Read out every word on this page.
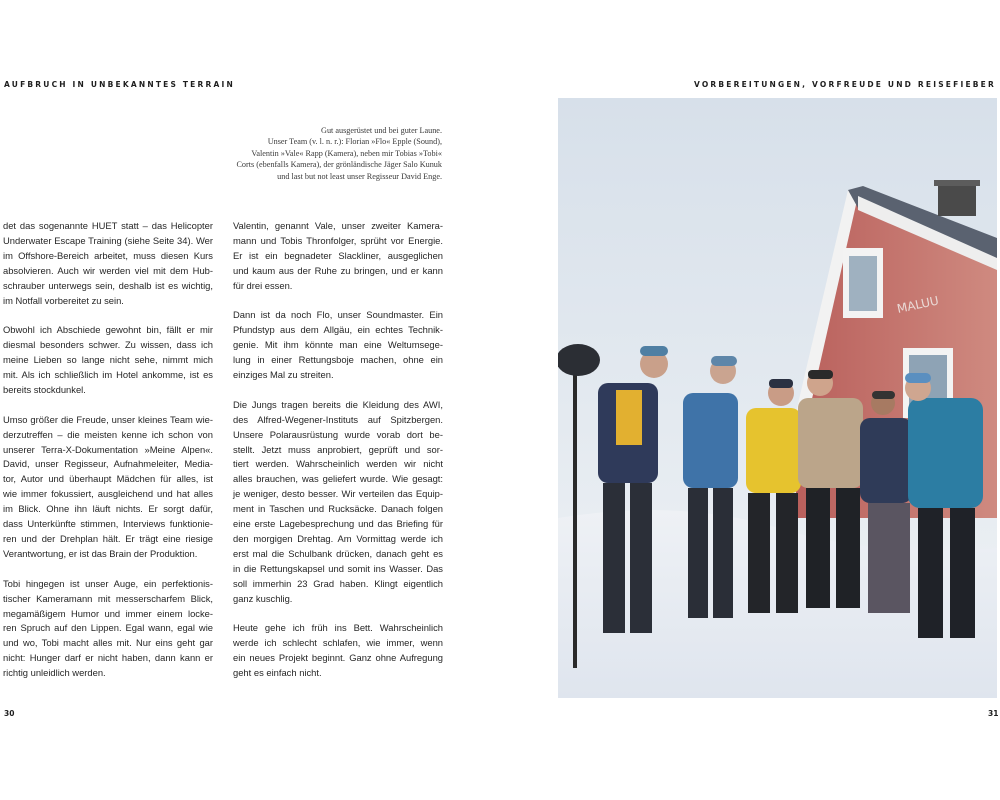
AUFBRUCH IN UNBEKANNTES TERRAIN	VORBEREITUNGEN, VORFREUDE UND REISEFIEBER
Gut ausgerüstet und bei guter Laune.
Unser Team (v. l. n. r.): Florian »Flo« Epple (Sound),
Valentin »Vale« Rapp (Kamera), neben mir Tobias »Tobi«
Corts (ebenfalls Kamera), der grönländische Jäger Salo Kunuk
und last but not least unser Regisseur David Enge.
det das sogenannte HUET statt – das Helicopter
Underwater Escape Training (siehe Seite 34). Wer
im Offshore-Bereich arbeitet, muss diesen Kurs
absolvieren. Auch wir werden viel mit dem Hub-
schrauber unterwegs sein, deshalb ist es wichtig,
im Notfall vorbereitet zu sein.
Obwohl ich Abschiede gewohnt bin, fällt er mir
diesmal besonders schwer. Zu wissen, dass ich
meine Lieben so lange nicht sehe, nimmt mich
mit. Als ich schließlich im Hotel ankomme, ist es
bereits stockdunkel.
Umso größer die Freude, unser kleines Team wie-
derzutreffen – die meisten kenne ich schon von
unserer Terra-X-Dokumentation »Meine Alpen«.
David, unser Regisseur, Aufnahmeleiter, Media-
tor, Autor und überhaupt Mädchen für alles, ist
wie immer fokussiert, ausgleichend und hat alles
im Blick. Ohne ihn läuft nichts. Er sorgt dafür,
dass Unterkünfte stimmen, Interviews funktionie-
ren und der Drehplan hält. Er trägt eine riesige
Verantwortung, er ist das Brain der Produktion.
Tobi hingegen ist unser Auge, ein perfektionis-
tischer Kameramann mit messerscharfem Blick,
megamäßigem Humor und immer einem locke-
ren Spruch auf den Lippen. Egal wann, egal wie
und wo, Tobi macht alles mit. Nur eins geht gar
nicht: Hunger darf er nicht haben, dann kann er
richtig unleidlich werden.
Valentin, genannt Vale, unser zweiter Kamera-
mann und Tobis Thronfolger, sprüht vor Energie.
Er ist ein begnadeter Slackliner, ausgeglichen
und kaum aus der Ruhe zu bringen, und er kann
für drei essen.
Dann ist da noch Flo, unser Soundmaster. Ein
Pfundstyp aus dem Allgäu, ein echtes Technik-
genie. Mit ihm könnte man eine Weltumsege-
lung in einer Rettungsboje machen, ohne ein
einziges Mal zu streiten.
Die Jungs tragen bereits die Kleidung des AWI,
des Alfred-Wegener-Instituts auf Spitzbergen.
Unsere Polarausrüstung wurde vorab dort be-
stellt. Jetzt muss anprobiert, geprüft und sor-
tiert werden. Wahrscheinlich werden wir nicht
alles brauchen, was geliefert wurde. Wie gesagt:
je weniger, desto besser. Wir verteilen das Equip-
ment in Taschen und Rucksäcke. Danach folgen
eine erste Lagebesprechung und das Briefing für
den morgigen Drehtag. Am Vormittag werde ich
erst mal die Schulbank drücken, danach geht es
in die Rettungskapsel und somit ins Wasser. Das
soll immerhin 23 Grad haben. Klingt eigentlich
ganz kuschlig.
Heute gehe ich früh ins Bett. Wahrscheinlich
werde ich schlecht schlafen, wie immer, wenn
ein neues Projekt beginnt. Ganz ohne Aufregung
geht es einfach nicht.
MALUU
30	31
